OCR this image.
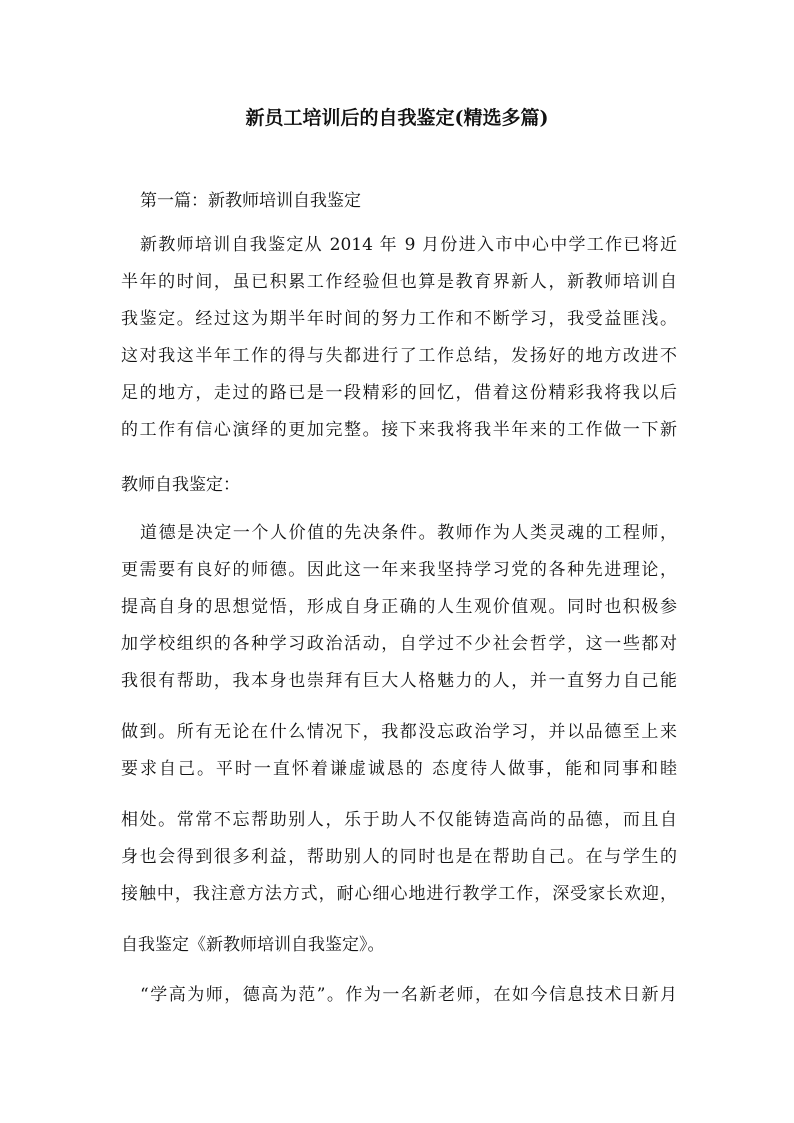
新员工培训后的自我鉴定(精选多篇)
第一篇：新教师培训自我鉴定
新教师培训自我鉴定从 2014 年 9 月份进入市中心中学工作已将近
半年的时间，虽已积累工作经验但也算是教育界新人，新教师培训自
我鉴定。经过这为期半年时间的努力工作和不断学习，我受益匪浅。
这对我这半年工作的得与失都进行了工作总结，发扬好的地方改进不
足的地方，走过的路已是一段精彩的回忆，借着这份精彩我将我以后
的工作有信心演绎的更加完整。接下来我将我半年来的工作做一下新
教师自我鉴定：
道德是决定一个人价值的先决条件。教师作为人类灵魂的工程师，
更需要有良好的师德。因此这一年来我坚持学习党的各种先进理论，
提高自身的思想觉悟，形成自身正确的人生观价值观。同时也积极参
加学校组织的各种学习政治活动，自学过不少社会哲学，这一些都对
我很有帮助，我本身也崇拜有巨大人格魅力的人，并一直努力自己能
做到。所有无论在什么情况下，我都没忘政治学习，并以品德至上来
要求自己。平时一直怀着谦虚诚恳的 态度待人做事，能和同事和睦
相处。常常不忘帮助别人，乐于助人不仅能铸造高尚的品德，而且自
身也会得到很多利益，帮助别人的同时也是在帮助自己。在与学生的
接触中，我注意方法方式，耐心细心地进行教学工作，深受家长欢迎，
自我鉴定《新教师培训自我鉴定》。
“学高为师，德高为范”。作为一名新老师，在如今信息技术日新月
